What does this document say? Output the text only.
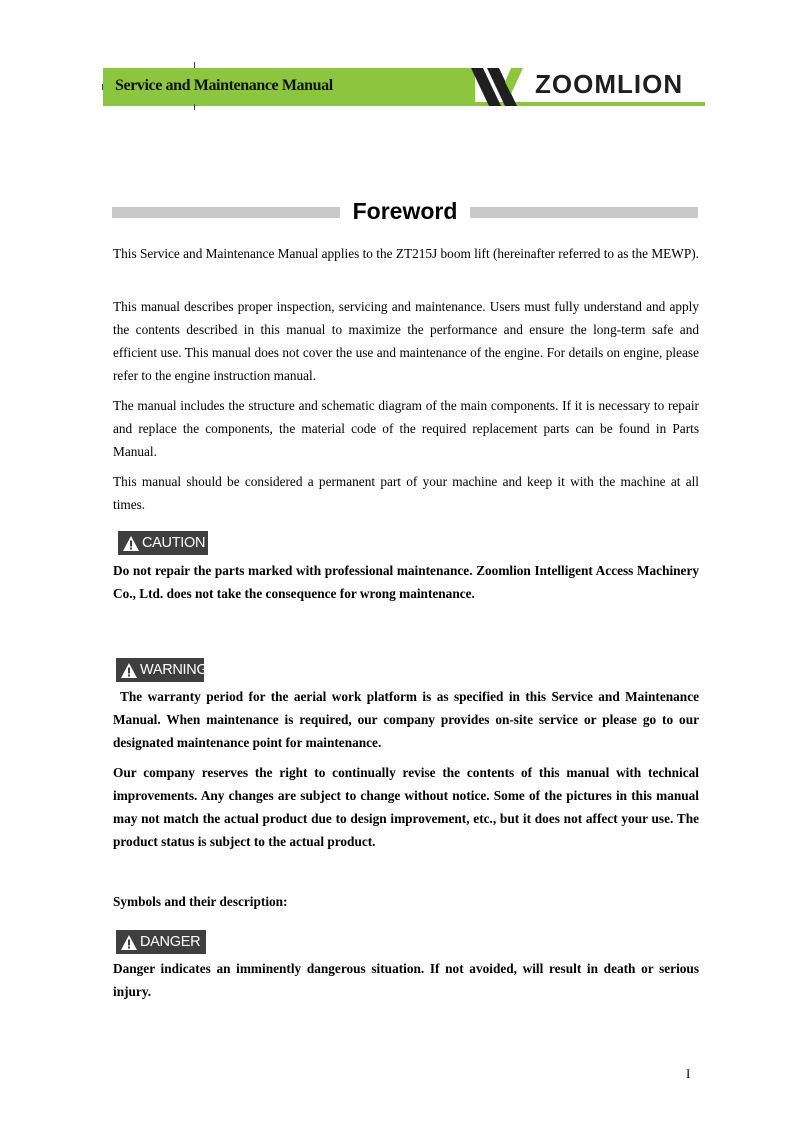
Service and Maintenance Manual	ZOOMLION
Foreword

This Service and Maintenance Manual applies to the ZT215J boom lift (hereinafter referred to as the MEWP).

This manual describes proper inspection, servicing and maintenance. Users must fully understand and apply the contents described in this manual to maximize the performance and ensure the long-term safe and efficient use. This manual does not cover the use and maintenance of the engine. For details on engine, please refer to the engine instruction manual.

The manual includes the structure and schematic diagram of the main components. If it is necessary to repair and replace the components, the material code of the required replacement parts can be found in Parts Manual.

This manual should be considered a permanent part of your machine and keep it with the machine at all times.

CAUTION

Do not repair the parts marked with professional maintenance. Zoomlion Intelligent Access Machinery Co., Ltd. does not take the consequence for wrong maintenance.

WARNING

The warranty period for the aerial work platform is as specified in this Service and Maintenance Manual. When maintenance is required, our company provides on-site service or please go to our designated maintenance point for maintenance.

Our company reserves the right to continually revise the contents of this manual with technical improvements. Any changes are subject to change without notice. Some of the pictures in this manual may not match the actual product due to design improvement, etc., but it does not affect your use. The product status is subject to the actual product.

Symbols and their description:

DANGER

Danger indicates an imminently dangerous situation. If not avoided, will result in death or serious injury.

I
